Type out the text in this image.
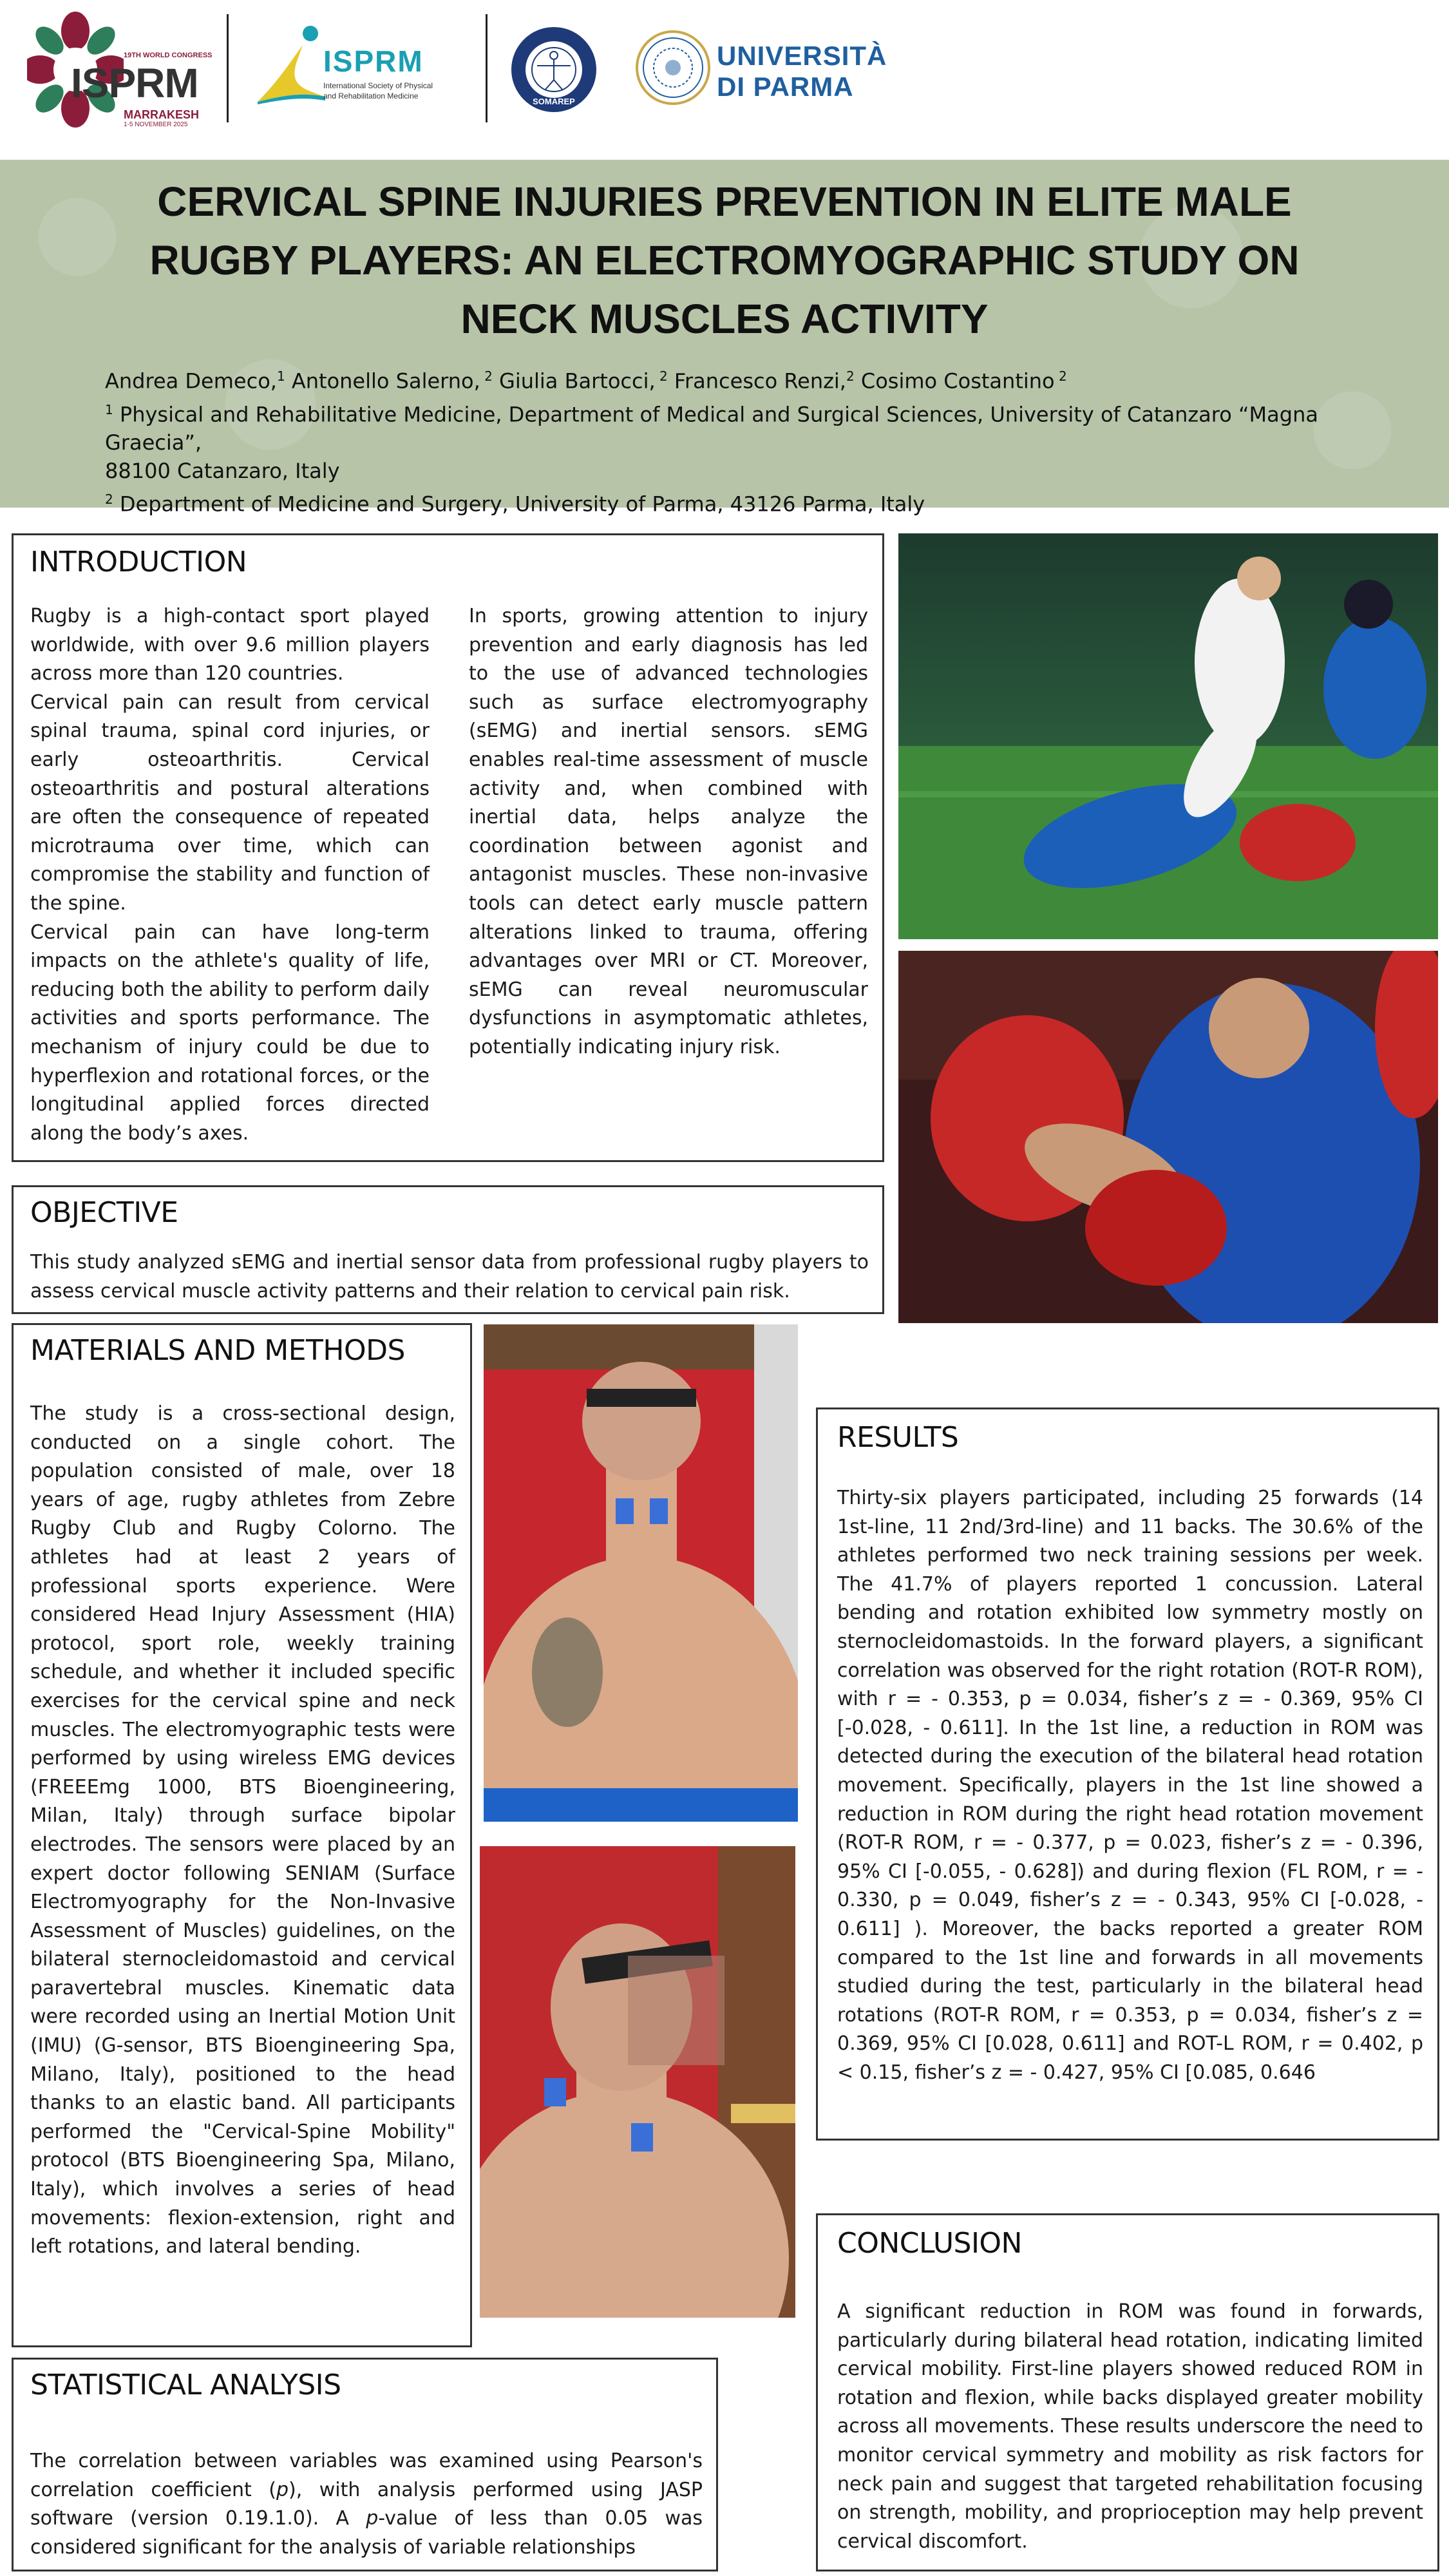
19TH WORLD CONGRESS
ISPRM
MARRAKESH
1-5 NOVEMBER 2025
ISPRM
International Society of Physical
and Rehabilitation Medicine
SOMAREP
UNIVERSITÀ
DI PARMA
CERVICAL SPINE INJURIES PREVENTION IN ELITE MALE
RUGBY PLAYERS: AN ELECTROMYOGRAPHIC STUDY ON
NECK MUSCLES ACTIVITY
Andrea Demeco,$^1$ Antonello Salerno, $^2$ Giulia Bartocci, $^2$ Francesco Renzi,$^2$ Cosimo Costantino $^2$
$^1$ Physical and Rehabilitative Medicine, Department of Medical and Surgical Sciences, University of Catanzaro “Magna Graecia”,
88100 Catanzaro, Italy
$^2$ Department of Medicine and Surgery, University of Parma, 43126 Parma, Italy
INTRODUCTION

Rugby is a high-contact sport played worldwide, with over 9.6 million players across more than 120 countries.

Cervical pain can result from cervical spinal trauma, spinal cord injuries, or early osteoarthritis. Cervical osteoarthritis and postural alterations are often the consequence of repeated microtrauma over time, which can compromise the stability and function of the spine.

Cervical pain can have long-term impacts on the athlete's quality of life, reducing both the ability to perform daily activities and sports performance. The mechanism of injury could be due to hyperflexion and rotational forces, or the longitudinal applied forces directed along the body’s axes.

In sports, growing attention to injury prevention and early diagnosis has led to the use of advanced technologies such as surface electromyography (sEMG) and inertial sensors. sEMG enables real-time assessment of muscle activity and, when combined with inertial data, helps analyze the coordination between agonist and antagonist muscles. These non-invasive tools can detect early muscle pattern alterations linked to trauma, offering advantages over MRI or CT. Moreover, sEMG can reveal neuromuscular dysfunctions in asymptomatic athletes, potentially indicating injury risk.

OBJECTIVE
This study analyzed sEMG and inertial sensor data from professional rugby players to assess cervical muscle activity patterns and their relation to cervical pain risk.
MATERIALS AND METHODS
The study is a cross-sectional design, conducted on a single cohort. The population consisted of male, over 18 years of age, rugby athletes from Zebre Rugby Club and Rugby Colorno. The athletes had at least 2 years of professional sports experience. Were considered Head Injury Assessment (HIA) protocol, sport role, weekly training schedule, and whether it included specific exercises for the cervical spine and neck muscles. The electromyographic tests were performed by using wireless EMG devices (FREEEmg 1000, BTS Bioengineering, Milan, Italy) through surface bipolar electrodes. The sensors were placed by an expert doctor following SENIAM (Surface Electromyography for the Non-Invasive Assessment of Muscles) guidelines, on the bilateral sternocleidomastoid and cervical paravertebral muscles. Kinematic data were recorded using an Inertial Motion Unit (IMU) (G-sensor, BTS Bioengineering Spa, Milano, Italy), positioned to the head thanks to an elastic band. All participants performed the "Cervical-Spine Mobility" protocol (BTS Bioengineering Spa, Milano, Italy), which involves a series of head movements: flexion-extension, right and left rotations, and lateral bending.
STATISTICAL ANALYSIS
The correlation between variables was examined using Pearson's correlation coefficient (p), with analysis performed using JASP software (version 0.19.1.0). A p-value of less than 0.05 was considered significant for the analysis of variable relationships
RESULTS
Thirty-six players participated, including 25 forwards (14 1st-line, 11 2nd/3rd-line) and 11 backs. The 30.6% of the athletes performed two neck training sessions per week. The 41.7% of players reported 1 concussion. Lateral bending and rotation exhibited low symmetry mostly on sternocleidomastoids. In the forward players, a significant correlation was observed for the right rotation (ROT-R ROM), with r = - 0.353, p = 0.034, fisher’s z = - 0.369, 95% CI [-0.028, - 0.611]. In the 1st line, a reduction in ROM was detected during the execution of the bilateral head rotation movement. Specifically, players in the 1st line showed a reduction in ROM during the right head rotation movement (ROT-R ROM, r = - 0.377, p = 0.023, fisher’s z = - 0.396, 95% CI [-0.055, - 0.628]) and during flexion (FL ROM, r = - 0.330, p = 0.049, fisher’s z = - 0.343, 95% CI [-0.028, - 0.611] ). Moreover, the backs reported a greater ROM compared to the 1st line and forwards in all movements studied during the test, particularly in the bilateral head rotations (ROT-R ROM, r = 0.353, p = 0.034, fisher’s z = 0.369, 95% CI [0.028, 0.611] and ROT-L ROM, r = 0.402, p < 0.15, fisher’s z = - 0.427, 95% CI [0.085, 0.646
CONCLUSION
A significant reduction in ROM was found in forwards, particularly during bilateral head rotation, indicating limited cervical mobility. First-line players showed reduced ROM in rotation and flexion, while backs displayed greater mobility across all movements. These results underscore the need to monitor cervical symmetry and mobility as risk factors for neck pain and suggest that targeted rehabilitation focusing on strength, mobility, and proprioception may help prevent cervical discomfort.
